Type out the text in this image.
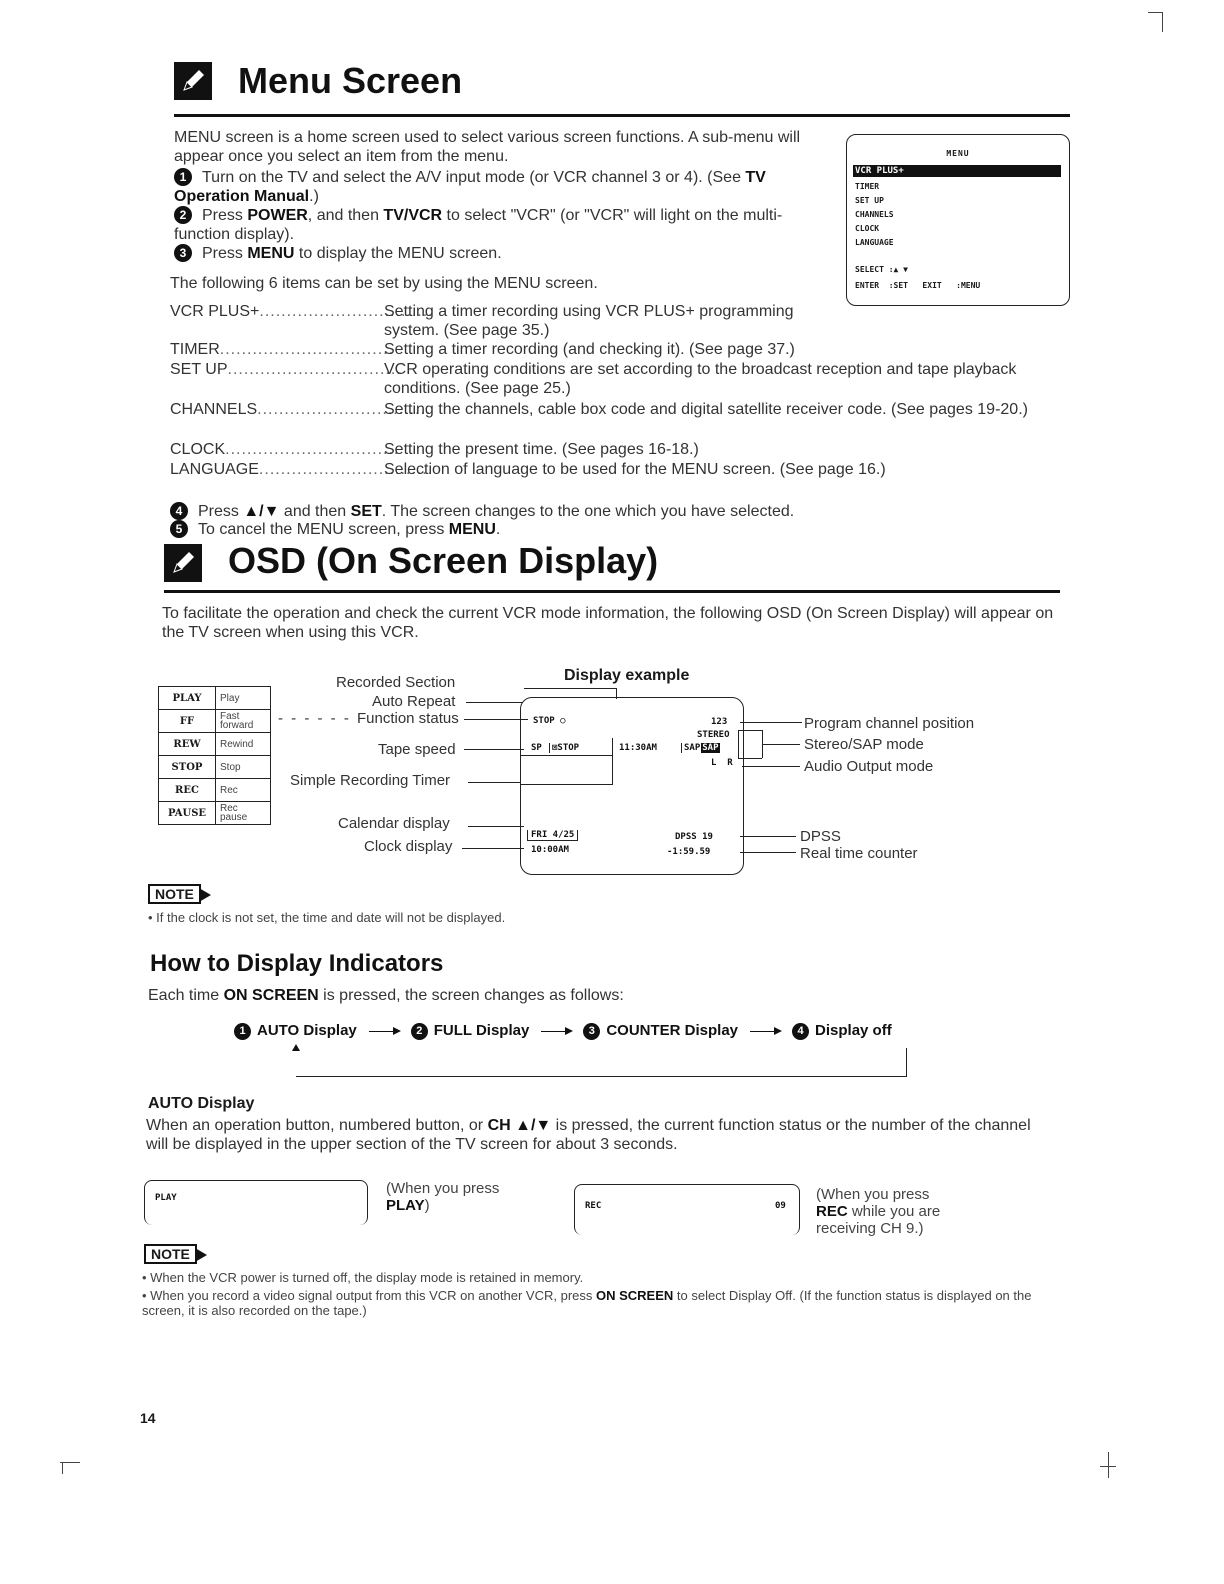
Menu Screen
MENU screen is a home screen used to select various screen functions. A sub-menu will appear once you select an item from the menu.
1 Turn on the TV and select the A/V input mode (or VCR channel 3 or 4). (See TV Operation Manual.)
2 Press POWER, and then TV/VCR to select "VCR" (or "VCR" will light on the multi-function display).
3 Press MENU to display the MENU screen.
The following 6 items can be set by using the MENU screen.
MENU
VCR PLUS+
TIMER
SET UP
CHANNELS
CLOCK
LANGUAGE
SELECT :▲ ▼
ENTER  :SET   EXIT   :MENU
VCR PLUS+................................
Setting a timer recording using VCR PLUS+ programming system. (See page 35.)
TIMER................................
Setting a timer recording (and checking it). (See page 37.)
SET UP................................
VCR operating conditions are set according to the broadcast reception and tape playback conditions. (See page 25.)
CHANNELS................................
Setting the channels, cable box code and digital satellite receiver code. (See pages 19-20.)
CLOCK................................
Setting the present time. (See pages 16-18.)
LANGUAGE................................
Selection of language to be used for the MENU screen. (See page 16.)
4 Press ▲/▼ and then SET. The screen changes to the one which you have selected.
5 To cancel the MENU screen, press MENU.
OSD (On Screen Display)
To facilitate the operation and check the current VCR mode information, the following OSD (On Screen Display) will appear on the TV screen when using this VCR.
PLAY	Play
FF	Fast forward
REW	Rewind
STOP	Stop
REC	Rec
PAUSE	Rec pause
Recorded Section
Auto Repeat
- - - - - - Function status
Tape speed
Simple Recording Timer
Calendar display
Clock display
Display example
STOP ○	123
STEREO
SP	⊠STOP	11:30AM	SAP SAP
L  R
FRI 4/25
10:00AM
DPSS 19
-1:59.59
Program channel position
Stereo/SAP mode
Audio Output mode
DPSS
Real time counter
NOTE
• If the clock is not set, the time and date will not be displayed.
How to Display Indicators
Each time ON SCREEN is pressed, the screen changes as follows:
1 AUTO Display	2 FULL Display	3 COUNTER Display	4 Display off
AUTO Display
When an operation button, numbered button, or CH ▲/▼ is pressed, the current function status or the number of the channel will be displayed in the upper section of the TV screen for about 3 seconds.
PLAY
(When you press
PLAY)	REC	09
(When you press
REC while you are receiving CH 9.)
NOTE
• When the VCR power is turned off, the display mode is retained in memory.
• When you record a video signal output from this VCR on another VCR, press ON SCREEN to select Display Off. (If the function status is displayed on the screen, it is also recorded on the tape.)
14
